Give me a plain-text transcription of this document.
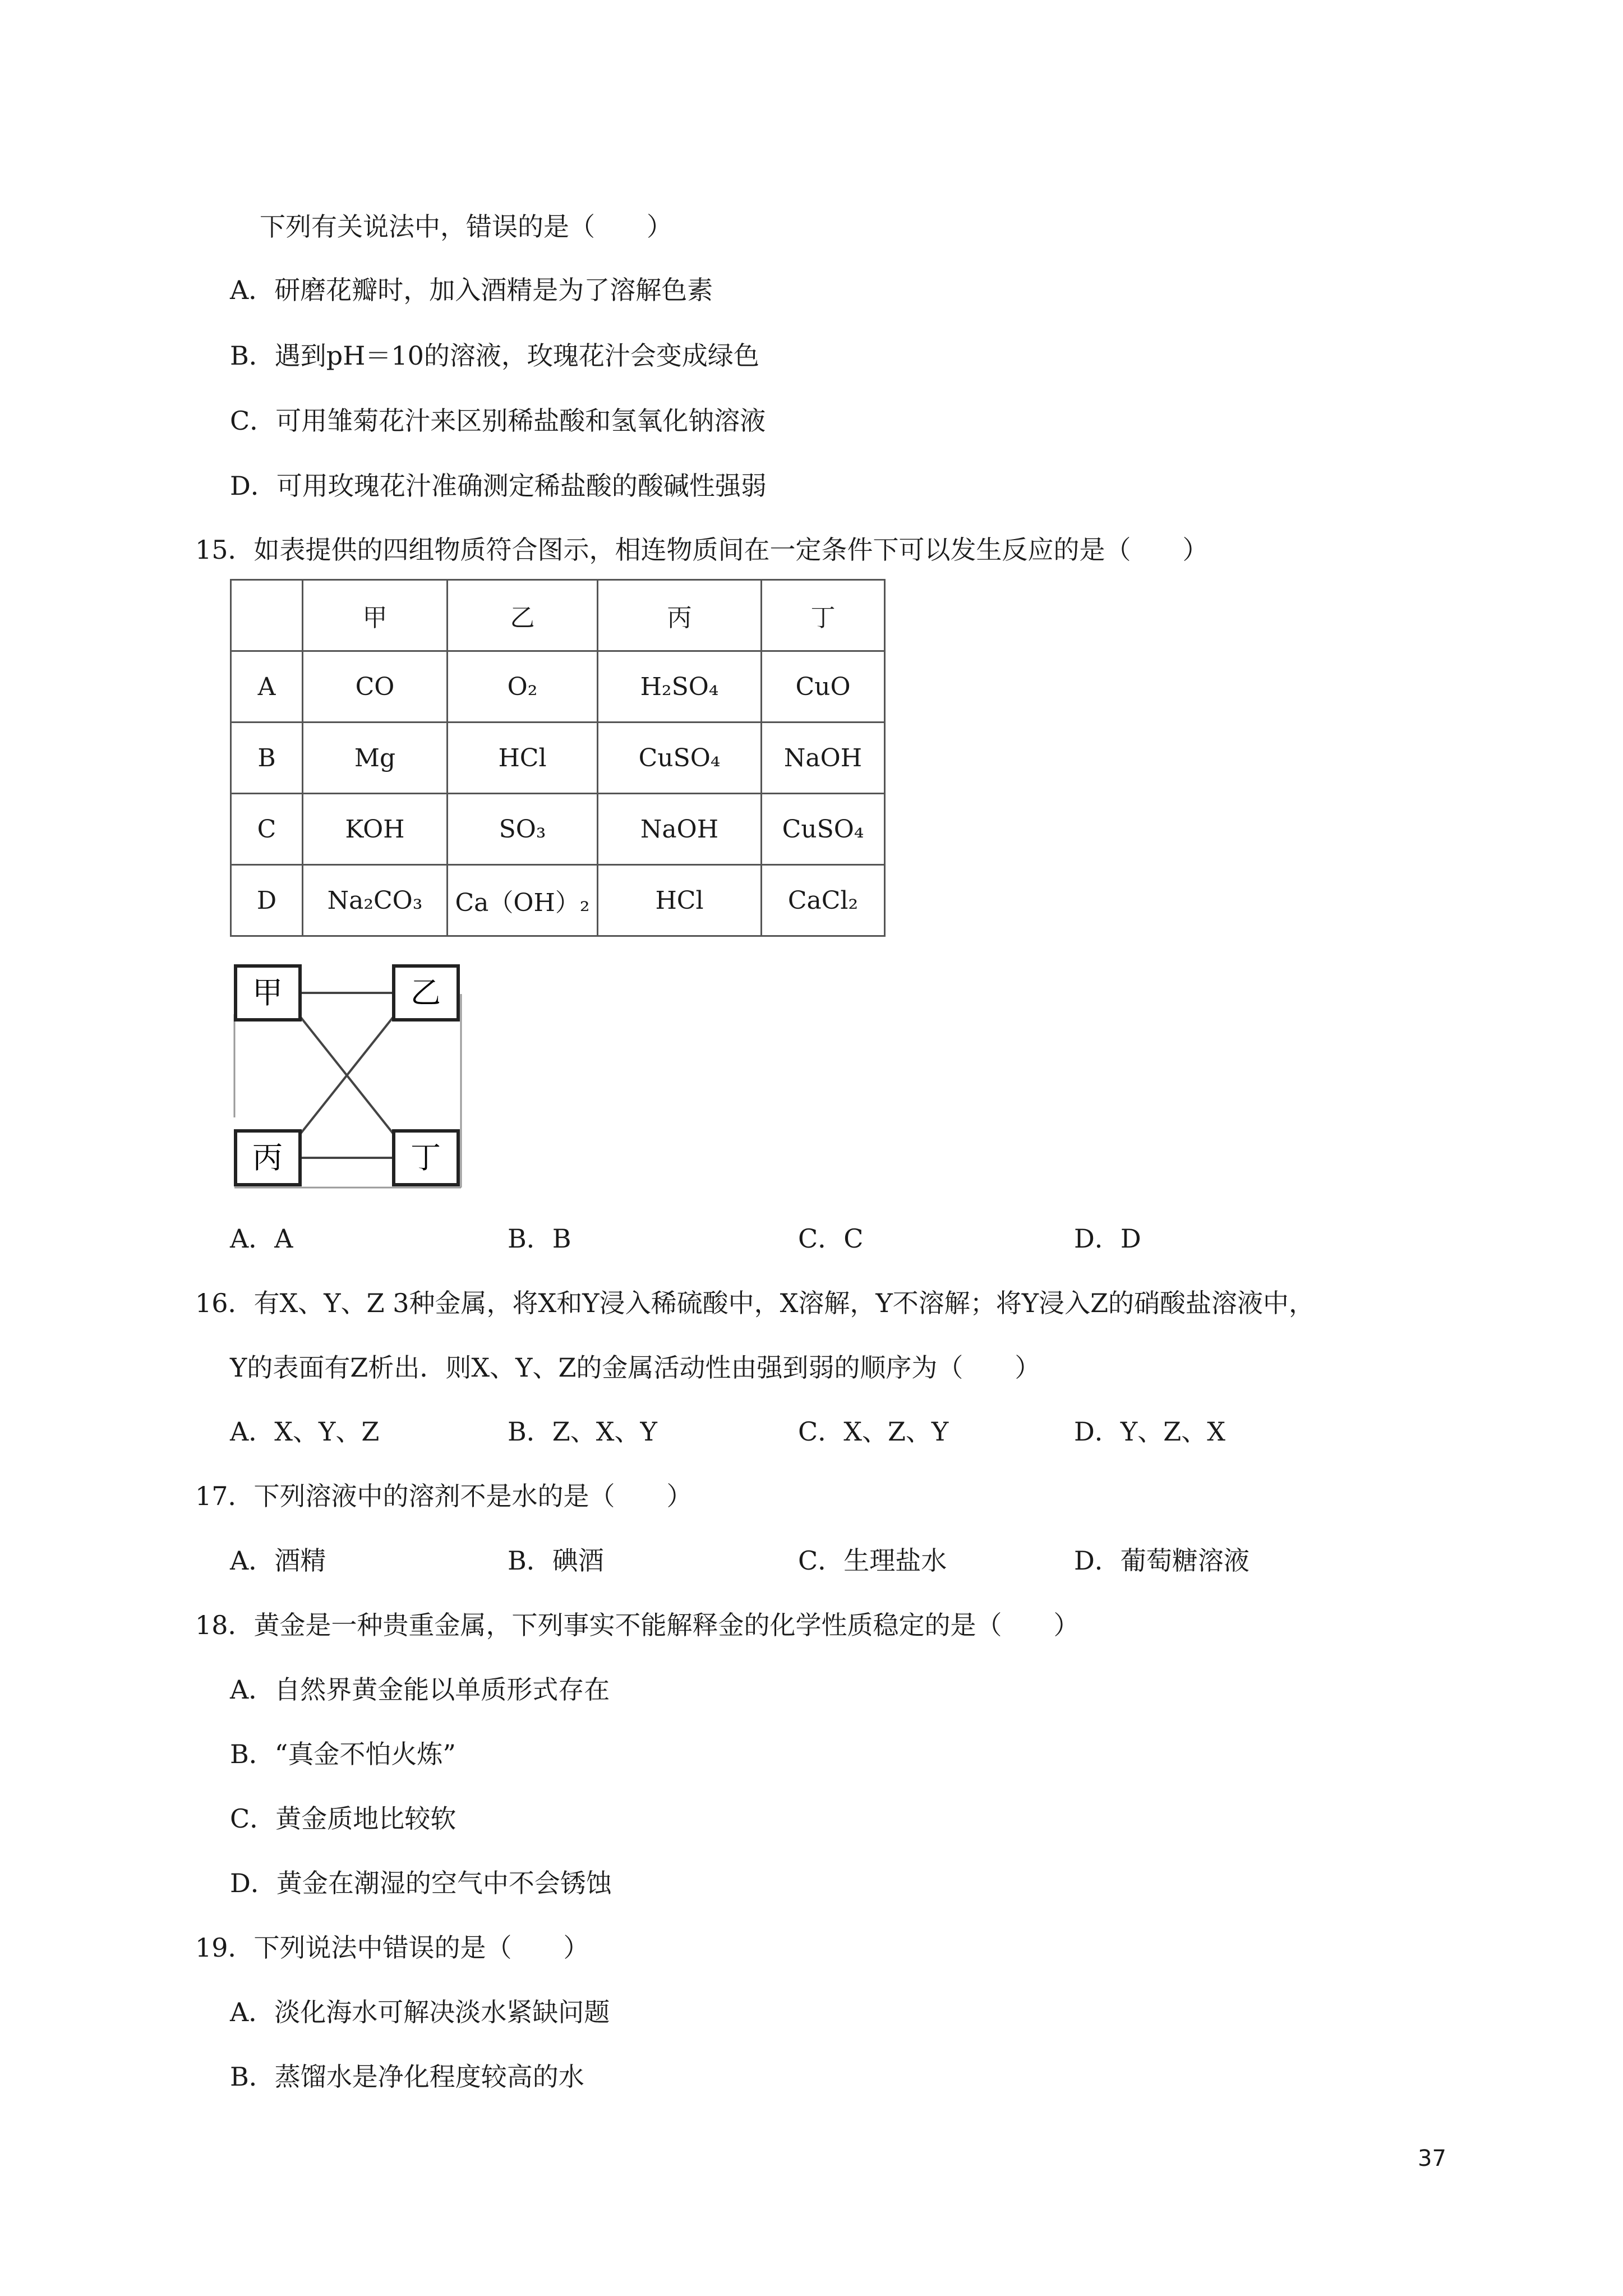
下列有关说法中，错误的是（　　）
A．研磨花瓣时，加入酒精是为了溶解色素
B．遇到pH＝10的溶液，玫瑰花汁会变成绿色
C．可用雏菊花汁来区别稀盐酸和氢氧化钠溶液
D．可用玫瑰花汁准确测定稀盐酸的酸碱性强弱
15．如表提供的四组物质符合图示，相连物质间在一定条件下可以发生反应的是（　　）
	甲	乙	丙	丁
A	CO	O₂	H₂SO₄	CuO
B	Mg	HCl	CuSO₄	NaOH
C	KOH	SO₃	NaOH	CuSO₄
D	Na₂CO₃	Ca（OH）₂	HCl	CaCl₂
甲	乙
丙	丁
A．A	B．B	C．C	D．D
16．有X、Y、Z 3种金属，将X和Y浸入稀硫酸中，X溶解，Y不溶解；将Y浸入Z的硝酸盐溶液中，
Y的表面有Z析出．则X、Y、Z的金属活动性由强到弱的顺序为（　　）
A．X、Y、Z	B．Z、X、Y	C．X、Z、Y	D．Y、Z、X
17．下列溶液中的溶剂不是水的是（　　）
A．酒精	B．碘酒	C．生理盐水	D．葡萄糖溶液
18．黄金是一种贵重金属，下列事实不能解释金的化学性质稳定的是（　　）
A．自然界黄金能以单质形式存在
B．“真金不怕火炼”
C．黄金质地比较软
D．黄金在潮湿的空气中不会锈蚀
19．下列说法中错误的是（　　）
A．淡化海水可解决淡水紧缺问题
B．蒸馏水是净化程度较高的水
37
